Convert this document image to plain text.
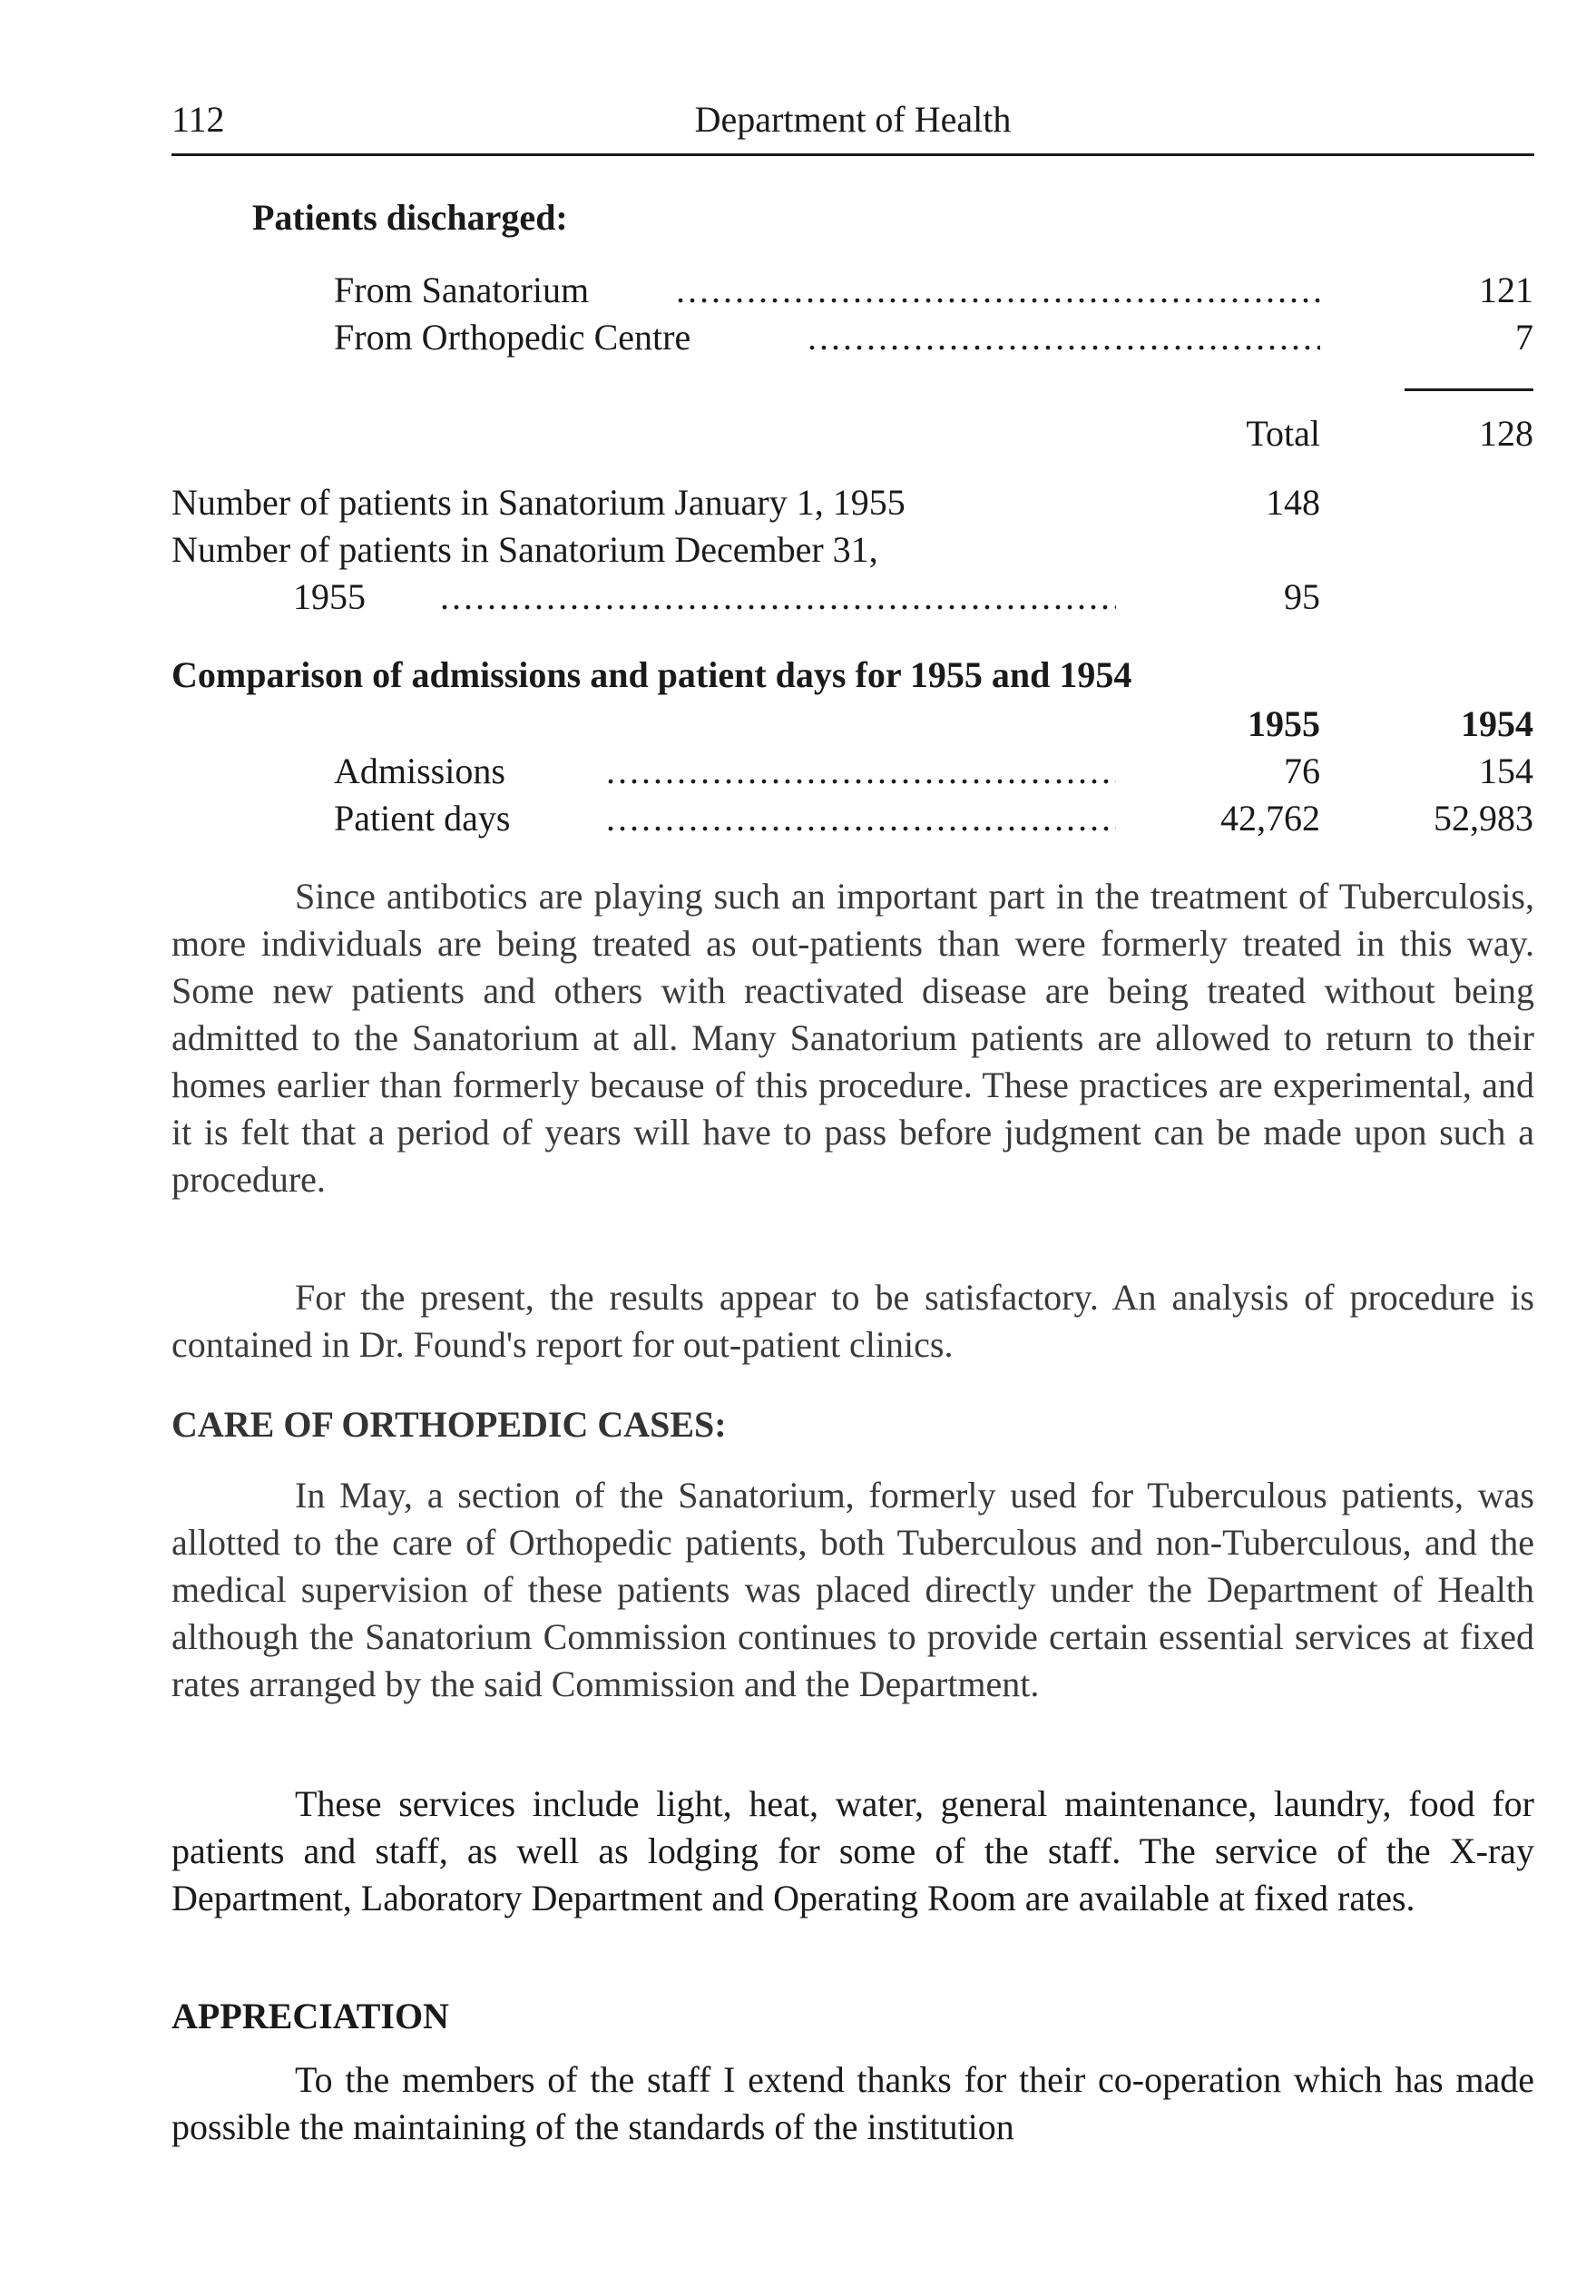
112	Department of Health
Patients discharged:
From Sanatorium .....	121
From Orthopedic Centre .....	7
Total	128
Number of patients in Sanatorium January 1, 1955	148
Number of patients in Sanatorium December 31,
1955 .....	95
Comparison of admissions and patient days for 1955 and 1954
1955	1954
Admissions .....	76	154
Patient days .....	42,762	52,983

Since antibotics are playing such an important part in the treatment of Tuberculosis, more individuals are being treated as out-patients than were formerly treated in this way. Some new patients and others with reactivated disease are being treated without being admitted to the Sanatorium at all. Many Sanatorium patients are allowed to return to their homes earlier than formerly because of this procedure. These practices are experimental, and it is felt that a period of years will have to pass before judgment can be made upon such a procedure.

For the present, the results appear to be satisfactory. An analysis of procedure is contained in Dr. Found's report for out-patient clinics.

CARE OF ORTHOPEDIC CASES:

In May, a section of the Sanatorium, formerly used for Tuberculous patients, was allotted to the care of Orthopedic patients, both Tuberculous and non-Tuberculous, and the medical supervision of these patients was placed directly under the Department of Health although the Sanatorium Commission continues to provide certain essential services at fixed rates arranged by the said Commission and the Department.

These services include light, heat, water, general maintenance, laundry, food for patients and staff, as well as lodging for some of the staff. The service of the X-ray Department, Laboratory Department and Operating Room are available at fixed rates.

APPRECIATION

To the members of the staff I extend thanks for their co-operation which has made possible the maintaining of the standards of the institution
